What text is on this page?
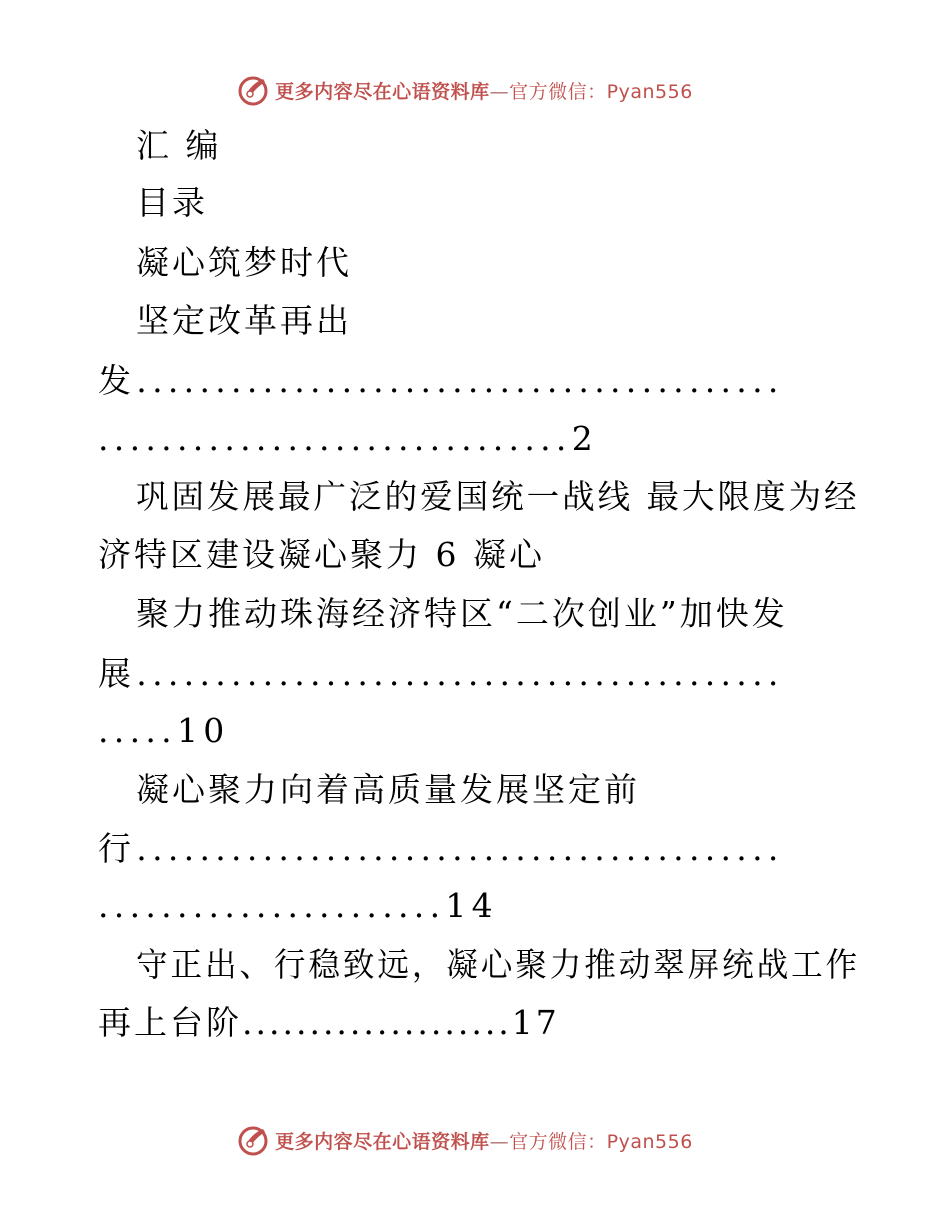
更多内容尽在心语资料库—官方微信：Pyan556
汇 编
目录
凝心筑梦时代
坚定改革再出
发.........................................
..............................2
巩固发展最广泛的爱国统一战线 最大限度为经
济特区建设凝心聚力 6 凝心
聚力推动珠海经济特区“二次创业”加快发
展.........................................
.....10
凝心聚力向着高质量发展坚定前
行.........................................
......................14
守正出、行稳致远，凝心聚力推动翠屏统战工作
再上台阶....................17
更多内容尽在心语资料库—官方微信：Pyan556
